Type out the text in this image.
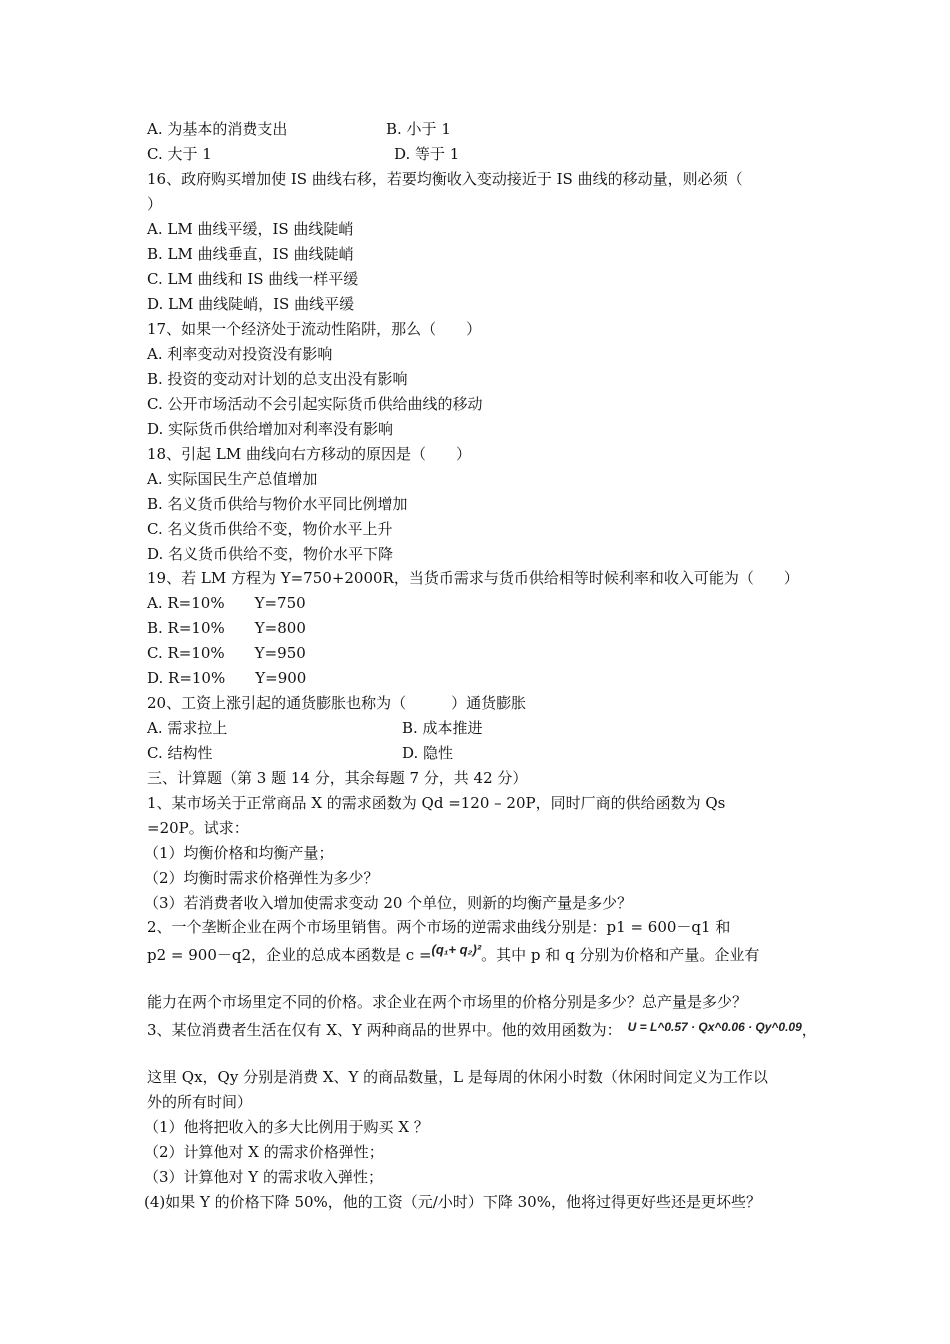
A. 为基本的消费支出	B. 小于 1
C. 大于 1	D. 等于 1
16、政府购买增加使 IS 曲线右移，若要均衡收入变动接近于 IS 曲线的移动量，则必须（
）
A. LM 曲线平缓，IS 曲线陡峭
B. LM 曲线垂直，IS 曲线陡峭
C. LM 曲线和 IS 曲线一样平缓
D. LM 曲线陡峭，IS 曲线平缓
17、如果一个经济处于流动性陷阱，那么（　　）
A. 利率变动对投资没有影响
B. 投资的变动对计划的总支出没有影响
C. 公开市场活动不会引起实际货币供给曲线的移动
D. 实际货币供给增加对利率没有影响
18、引起 LM 曲线向右方移动的原因是（　　）
A. 实际国民生产总值增加
B. 名义货币供给与物价水平同比例增加
C. 名义货币供给不变，物价水平上升
D. 名义货币供给不变，物价水平下降
19、若 LM 方程为 Y=750+2000R，当货币需求与货币供给相等时候利率和收入可能为（　　）
A. R=10%　　Y=750
B. R=10%　　Y=800
C. R=10%　　Y=950
D. R=10%　　Y=900
20、工资上涨引起的通货膨胀也称为（　　　）通货膨胀
A. 需求拉上	B. 成本推进
C. 结构性	D. 隐性
三、计算题（第 3 题 14 分，其余每题 7 分，共 42 分）
1、某市场关于正常商品 X 的需求函数为 Qd =120 – 20P，同时厂商的供给函数为 Qs
=20P。试求：
（1）均衡价格和均衡产量；
（2）均衡时需求价格弹性为多少？
（3）若消费者收入增加使需求变动 20 个单位，则新的均衡产量是多少？
2、一个垄断企业在两个市场里销售。两个市场的逆需求曲线分别是：p1 = 600－q1 和
p2 = 900－q2，企业的总成本函数是 c =(q₁+ q₂)²。其中 p 和 q 分别为价格和产量。企业有
能力在两个市场里定不同的价格。求企业在两个市场里的价格分别是多少？总产量是多少？
3、某位消费者生活在仅有 X、Y 两种商品的世界中。他的效用函数为： U = L^0.57 · Qx^0.06 · Qy^0.09，
这里 Qx，Qy 分别是消费 X、Y 的商品数量，L 是每周的休闲小时数（休闲时间定义为工作以
外的所有时间）
（1）他将把收入的多大比例用于购买 X ？
（2）计算他对 X 的需求价格弹性；
（3）计算他对 Y 的需求收入弹性；
(4)如果 Y 的价格下降 50%，他的工资（元/小时）下降 30%，他将过得更好些还是更坏些？
